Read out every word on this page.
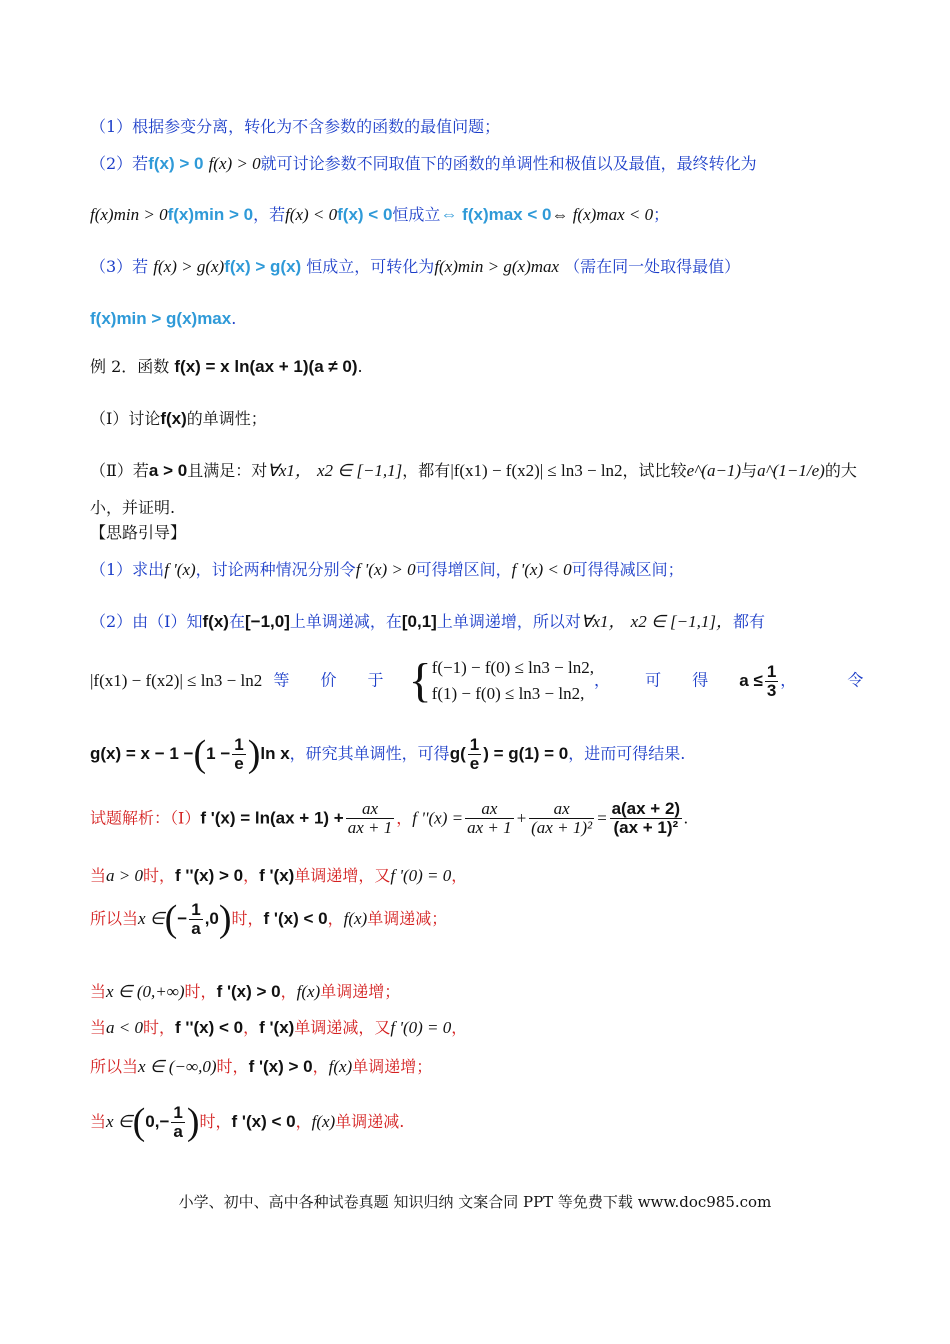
（1）根据参变分离，转化为不含参数的函数的最值问题；
（2）若f(x) > 0 f(x) > 0就可讨论参数不同取值下的函数的单调性和极值以及最值，最终转化为
f(x)min > 0f(x)min > 0，若f(x) < 0f(x) < 0恒成立⇔ f(x)max < 0⇔ f(x)max < 0；
（3）若 f(x) > g(x)f(x) > g(x) 恒成立，可转化为f(x)min > g(x)max （需在同一处取得最值）
f(x)min > g(x)max.
例 2．函数 f(x) = x ln(ax + 1)(a ≠ 0).
（Ⅰ）讨论f(x)的单调性；
（Ⅱ）若a > 0且满足：对∀x1， x2 ∈ [−1,1]，都有|f(x1) − f(x2)| ≤ ln3 − ln2，试比较e^(a−1)与a^(1−1/e)的大
小，并证明.
【思路引导】
（1）求出f '(x)，讨论两种情况分别令f '(x) > 0可得增区间，f '(x) < 0可得得减区间；
（2）由（Ⅰ）知f(x)在[−1,0]上单调递减，在[0,1]上单调递增，所以对∀x1， x2 ∈ [−1,1]，都有
|f(x1) − f(x2)| ≤ ln3 − ln2 等 价 于 { f(−1) − f(0) ≤ ln3 − ln2,
f(1) − f(0) ≤ ln3 − ln2,
， 可 得 $a \le \frac{1}{3}$ ，	令
$g(x) = x - 1 -(1 - \frac{1}{e} )\ln$ x，研究其单调性，可得$g( \frac{1}{e}$ ) = g(1) = 0，进而可得结果.
试题解析：（Ⅰ）f '$(x) = \ln(ax + 1) + \frac{ax}{ax + 1}$ ，f ''$(x) = \frac{ax}{ax + 1} + \frac{ax}{\text{(ax + 1)²}} = \frac{a(ax + 2)}{\text{(ax + 1)²}}$ .
当a > 0时，f ''(x) > 0，f '(x)单调递增，又f '(0) = 0，
所以当x ∈(− $\frac{1}{a} ,0$)时，f '(x) < 0，f(x)单调递减；
当x ∈ (0,+∞)时，f '(x) > 0，f(x)单调递增；
当a < 0时，f ''(x) < 0，f '(x)单调递减，又f '(0) = 0，
所以当x ∈ (−∞,0)时，f '(x) > 0，f(x)单调递增；
当x ∈(0,− $\frac{1}{a}$ )时，f '(x) < 0，f(x)单调递减.
小学、初中、高中各种试卷真题 知识归纳 文案合同 PPT 等免费下载 www.doc985.com
